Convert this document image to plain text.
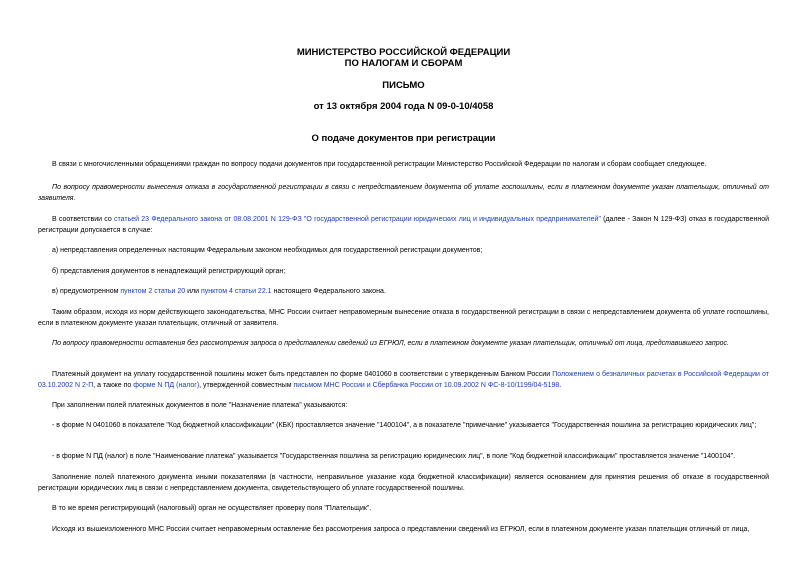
МИНИСТЕРСТВО РОССИЙСКОЙ ФЕДЕРАЦИИ
ПО НАЛОГАМ И СБОРАМ
ПИСЬМО
от 13 октября 2004 года N 09-0-10/4058
О подаче документов при регистрации
В связи с многочисленными обращениями граждан по вопросу подачи документов при государственной регистрации Министерство Российской Федерации по налогам и сборам сообщает следующее.
По вопросу правомерности вынесения отказа в государственной регистрации в связи с непредставлением документа об уплате госпошлины, если в платежном документе указан плательщик, отличный от заявителя.
В соответствии со статьей 23 Федерального закона от 08.08.2001 N 129-ФЗ "О государственной регистрации юридических лиц и индивидуальных предпринимателей" (далее - Закон N 129-ФЗ) отказ в государственной регистрации допускается в случае:
а) непредставления определенных настоящим Федеральным законом необходимых для государственной регистрации документов;
б) представления документов в ненадлежащий регистрирующий орган;
в) предусмотренном пунктом 2 статьи 20 или пунктом 4 статьи 22.1 настоящего Федерального закона.
Таким образом, исходя из норм действующего законодательства, МНС России считает неправомерным вынесение отказа в государственной регистрации в связи с непредставлением документа об уплате госпошлины, если в платежном документе указан плательщик, отличный от заявителя.
По вопросу правомерности оставления без рассмотрения запроса о представлении сведений из ЕГРЮЛ, если в платежном документе указан плательщик, отличный от лица, представившего запрос.
Платежный документ на уплату государственной пошлины может быть представлен по форме 0401060 в соответствии с утвержденным Банком России Положением о безналичных расчетах в Российской Федерации от 03.10.2002 N 2-П, а также по форме N ПД (налог), утвержденной совместным письмом МНС России и Сбербанка России от 10.09.2002 N ФС-8-10/1199/04-5198.
При заполнении полей платежных документов в поле "Назначение платежа" указываются:
- в форме N 0401060 в показателе "Код бюджетной классификации" (КБК) проставляется значение "1400104", а в показателе "примечание" указывается "Государственная пошлина за регистрацию юридических лиц";
- в форме N ПД (налог) в поле "Наименование платежа" указывается "Государственная пошлина за регистрацию юридических лиц", в поле "Код бюджетной классификации" проставляется значение "1400104".
Заполнение полей платежного документа иными показателями (в частности, неправильное указание кода бюджетной классификации) является основанием для принятия решения об отказе в государственной регистрации юридических лиц в связи с непредставлением документа, свидетельствующего об уплате государственной пошлины.
В то же время регистрирующий (налоговый) орган не осуществляет проверку поля "Плательщик".
Исходя из вышеизложенного МНС России считает неправомерным оставление без рассмотрения запроса о представлении сведений из ЕГРЮЛ, если в платежном документе указан плательщик отличный от лица,
